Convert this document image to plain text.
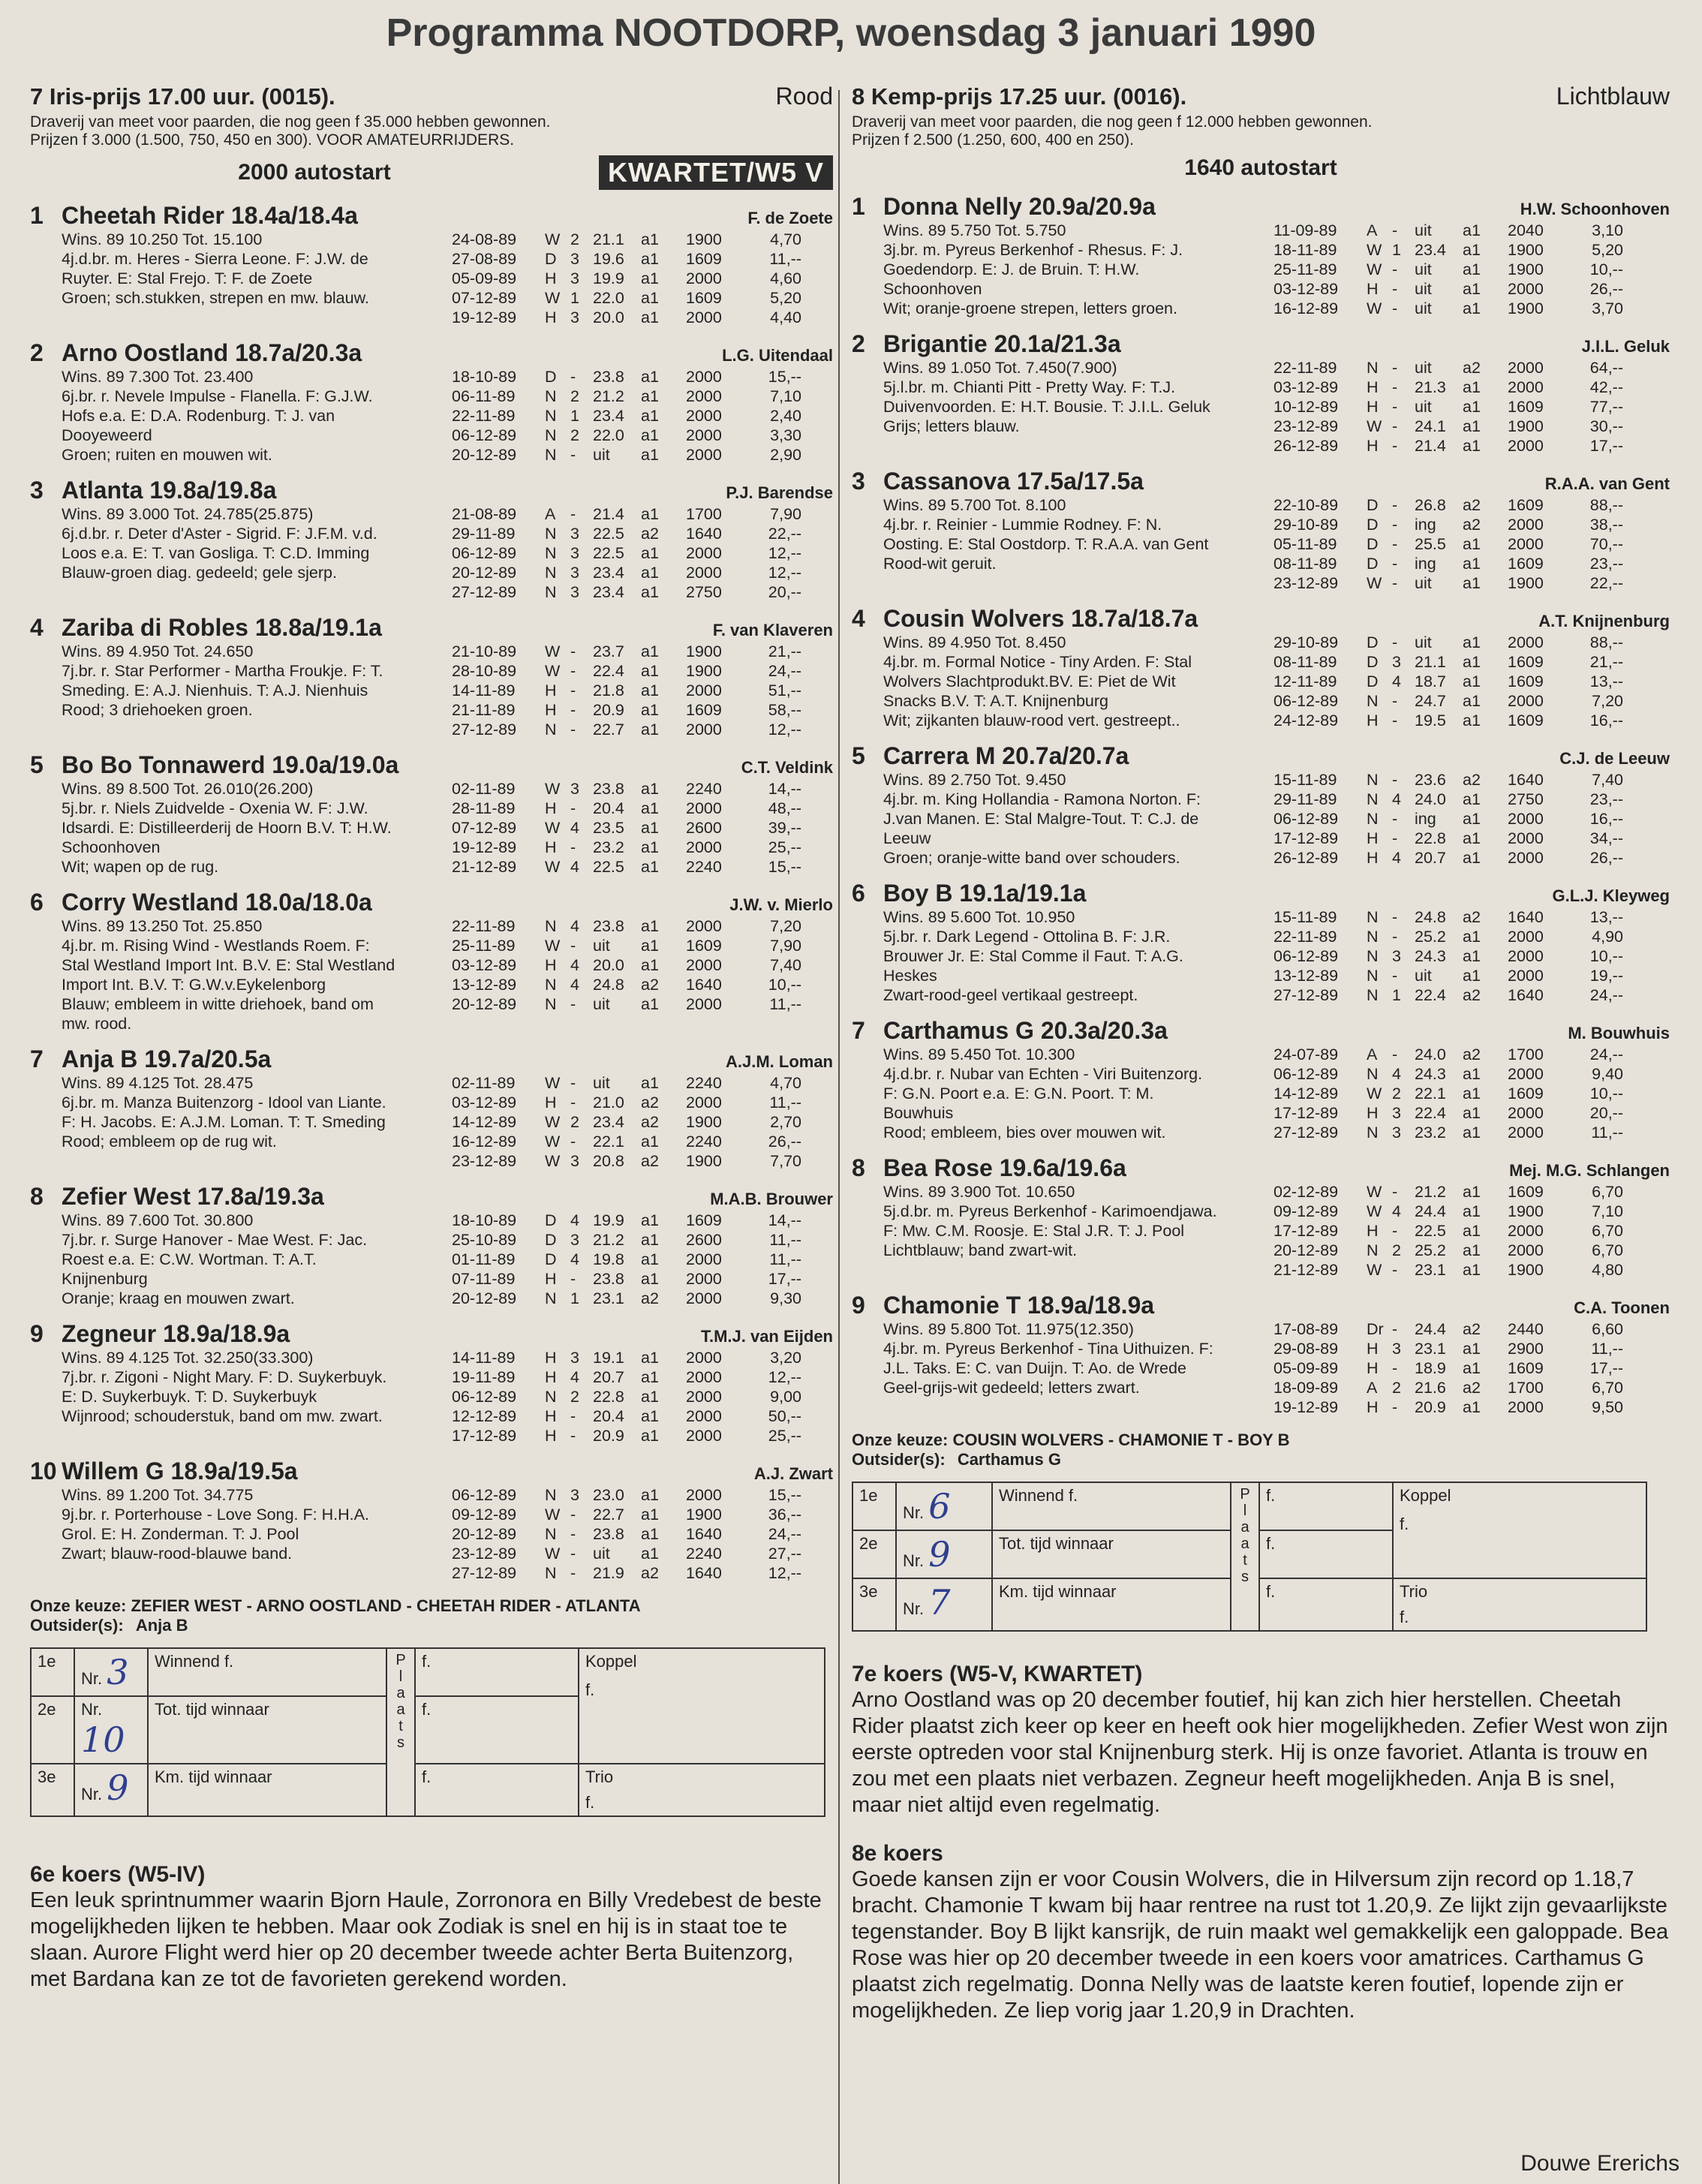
Programma NOOTDORP, woensdag 3 januari 1990
7 Iris-prijs 17.00 uur. (0015).	Rood
Draverij van meet voor paarden, die nog geen f 35.000 hebben gewonnen.
Prijzen f 3.000 (1.500, 750, 450 en 300). VOOR AMATEURRIJDERS.
2000 autostart	KWARTET/W5 V
1 Cheetah Rider 18.4a/18.4a	F. de Zoete
Wins. 89 10.250 Tot. 15.100
4j.d.br. m. Heres - Sierra Leone. F: J.W. de
Ruyter. E: Stal Frejo. T: F. de Zoete
Groen; sch.stukken, strepen en mw. blauw.
24-08-89	W 2 21.1	a1	1900	4,70
27-08-89	D 3 19.6	a1	1609	11,--
05-09-89	H 3 19.9	a1	2000	4,60
07-12-89	W 1 22.0	a1	1609	5,20
19-12-89	H 3 20.0	a1	2000	4,40
2 Arno Oostland 18.7a/20.3a	L.G. Uitendaal
Wins. 89 7.300 Tot. 23.400
6j.br. r. Nevele Impulse - Flanella. F: G.J.W.
Hofs e.a. E: D.A. Rodenburg. T: J. van
Dooyeweerd
Groen; ruiten en mouwen wit.
18-10-89	D -	23.8	a1	2000	15,--
06-11-89	N 2 21.2	a1	2000	7,10
22-11-89	N 1 23.4	a1	2000	2,40
06-12-89	N 2 22.0	a1	2000	3,30
20-12-89	N -	uit	a1	2000	2,90
3 Atlanta 19.8a/19.8a	P.J. Barendse
Wins. 89 3.000 Tot. 24.785(25.875)
6j.d.br. r. Deter d'Aster - Sigrid. F: J.F.M. v.d.
Loos e.a. E: T. van Gosliga. T: C.D. Imming
Blauw-groen diag. gedeeld; gele sjerp.
21-08-89	A -	21.4	a1	1700	7,90
29-11-89	N 3 22.5	a2	1640	22,--
06-12-89	N 3 22.5	a1	2000	12,--
20-12-89	N 3 23.4	a1	2000	12,--
27-12-89	N 3 23.4	a1	2750	20,--
4 Zariba di Robles 18.8a/19.1a	F. van Klaveren
Wins. 89 4.950 Tot. 24.650
7j.br. r. Star Performer - Martha Froukje. F: T.
Smeding. E: A.J. Nienhuis. T: A.J. Nienhuis
Rood; 3 driehoeken groen.
21-10-89	W -	23.7	a1	1900	21,--
28-10-89	W -	22.4	a1	1900	24,--
14-11-89	H -	21.8	a1	2000	51,--
21-11-89	H -	20.9	a1	1609	58,--
27-12-89	N -	22.7	a1	2000	12,--
5 Bo Bo Tonnawerd 19.0a/19.0a	C.T. Veldink
Wins. 89 8.500 Tot. 26.010(26.200)
5j.br. r. Niels Zuidvelde - Oxenia W. F: J.W.
Idsardi. E: Distilleerderij de Hoorn B.V. T: H.W.
Schoonhoven
Wit; wapen op de rug.
02-11-89	W 3 23.8	a1	2240	14,--
28-11-89	H -	20.4	a1	2000	48,--
07-12-89	W 4 23.5	a1	2600	39,--
19-12-89	H -	23.2	a1	2000	25,--
21-12-89	W 4 22.5	a1	2240	15,--
6 Corry Westland 18.0a/18.0a	J.W. v. Mierlo
Wins. 89 13.250 Tot. 25.850
4j.br. m. Rising Wind - Westlands Roem. F:
Stal Westland Import Int. B.V. E: Stal Westland
Import Int. B.V. T: G.W.v.Eykelenborg
Blauw; embleem in witte driehoek, band om
mw. rood.
22-11-89	N 4 23.8	a1	2000	7,20
25-11-89	W -	uit	a1	1609	7,90
03-12-89	H 4 20.0	a1	2000	7,40
13-12-89	N 4 24.8	a2	1640	10,--
20-12-89	N -	uit	a1	2000	11,--
7 Anja B 19.7a/20.5a	A.J.M. Loman
Wins. 89 4.125 Tot. 28.475
6j.br. m. Manza Buitenzorg - Idool van Liante.
F: H. Jacobs. E: A.J.M. Loman. T: T. Smeding
Rood; embleem op de rug wit.
02-11-89	W -	uit	a1	2240	4,70
03-12-89	H -	21.0	a2	2000	11,--
14-12-89	W 2 23.4	a2	1900	2,70
16-12-89	W -	22.1	a1	2240	26,--
23-12-89	W 3 20.8	a2	1900	7,70
8 Zefier West 17.8a/19.3a	M.A.B. Brouwer
Wins. 89 7.600 Tot. 30.800
7j.br. r. Surge Hanover - Mae West. F: Jac.
Roest e.a. E: C.W. Wortman. T: A.T.
Knijnenburg
Oranje; kraag en mouwen zwart.
18-10-89	D 4 19.9	a1	1609	14,--
25-10-89	D 3 21.2	a1	2600	11,--
01-11-89	D 4 19.8	a1	2000	11,--
07-11-89	H -	23.8	a1	2000	17,--
20-12-89	N 1 23.1	a2	2000	9,30
9 Zegneur 18.9a/18.9a	T.M.J. van Eijden
Wins. 89 4.125 Tot. 32.250(33.300)
7j.br. r. Zigoni - Night Mary. F: D. Suykerbuyk.
E: D. Suykerbuyk. T: D. Suykerbuyk
Wijnrood; schouderstuk, band om mw. zwart.
14-11-89	H 3 19.1	a1	2000	3,20
19-11-89	H 4 20.7	a1	2000	12,--
06-12-89	N 2 22.8	a1	2000	9,00
12-12-89	H -	20.4	a1	2000	50,--
17-12-89	H -	20.9	a1	2000	25,--
10 Willem G 18.9a/19.5a	A.J. Zwart
Wins. 89 1.200 Tot. 34.775
9j.br. r. Porterhouse - Love Song. F: H.H.A.
Grol. E: H. Zonderman. T: J. Pool
Zwart; blauw-rood-blauwe band.
06-12-89	N 3 23.0	a1	2000	15,--
09-12-89	W -	22.7	a1	1900	36,--
20-12-89	N -	23.8	a1	1640	24,--
23-12-89	W -	uit	a1	2240	27,--
27-12-89	N -	21.9	a2	1640	12,--
Onze keuze: ZEFIER WEST - ARNO OOSTLAND - CHEETAH RIDER - ATLANTA
Outsider(s): Anja B
1e	Nr. 3	Winnend f.	P l a a t s	f.	Koppel
f.

2e	Nr. 10	Tot. tijd winnaar		f.	
3e	Nr. 9	Km. tijd winnaar		f.	Trio
f.
6e koers (W5-IV)
Een leuk sprintnummer waarin Bjorn Haule, Zorronora en Billy Vredebest de beste mogelijkheden lijken te hebben. Maar ook Zodiak is snel en hij is in staat toe te slaan. Aurore Flight werd hier op 20 december tweede achter Berta Buitenzorg, met Bardana kan ze tot de favorieten gerekend worden.
8 Kemp-prijs 17.25 uur. (0016).	Lichtblauw
Draverij van meet voor paarden, die nog geen f 12.000 hebben gewonnen.
Prijzen f 2.500 (1.250, 600, 400 en 250).
1640 autostart
1 Donna Nelly 20.9a/20.9a	H.W. Schoonhoven
Wins. 89 5.750 Tot. 5.750
3j.br. m. Pyreus Berkenhof - Rhesus. F: J.
Goedendorp. E: J. de Bruin. T: H.W.
Schoonhoven
Wit; oranje-groene strepen, letters groen.
11-09-89	A -	uit	a1	2040	3,10
18-11-89	W 1 23.4	a1	1900	5,20
25-11-89	W -	uit	a1	1900	10,--
03-12-89	H -	uit	a1	2000	26,--
16-12-89	W -	uit	a1	1900	3,70
2 Brigantie 20.1a/21.3a	J.I.L. Geluk
Wins. 89 1.050 Tot. 7.450(7.900)
5j.l.br. m. Chianti Pitt - Pretty Way. F: T.J.
Duivenvoorden. E: H.T. Bousie. T: J.I.L. Geluk
Grijs; letters blauw.
22-11-89	N -	uit	a2	2000	64,--
03-12-89	H -	21.3	a1	2000	42,--
10-12-89	H -	uit	a1	1609	77,--
23-12-89	W -	24.1	a1	1900	30,--
26-12-89	H -	21.4	a1	2000	17,--
3 Cassanova 17.5a/17.5a	R.A.A. van Gent
Wins. 89 5.700 Tot. 8.100
4j.br. r. Reinier - Lummie Rodney. F: N.
Oosting. E: Stal Oostdorp. T: R.A.A. van Gent
Rood-wit geruit.
22-10-89	D -	26.8	a2	1609	88,--
29-10-89	D -	ing	a2	2000	38,--
05-11-89	D -	25.5	a1	2000	70,--
08-11-89	D -	ing	a1	1609	23,--
23-12-89	W -	uit	a1	1900	22,--
4 Cousin Wolvers 18.7a/18.7a	A.T. Knijnenburg
Wins. 89 4.950 Tot. 8.450
4j.br. m. Formal Notice - Tiny Arden. F: Stal
Wolvers Slachtprodukt.BV. E: Piet de Wit
Snacks B.V. T: A.T. Knijnenburg
Wit; zijkanten blauw-rood vert. gestreept..
29-10-89	D -	uit	a1	2000	88,--
08-11-89	D 3 21.1	a1	1609	21,--
12-11-89	D 4 18.7	a1	1609	13,--
06-12-89	N -	24.7	a1	2000	7,20
24-12-89	H -	19.5	a1	1609	16,--
5 Carrera M 20.7a/20.7a	C.J. de Leeuw
Wins. 89 2.750 Tot. 9.450
4j.br. m. King Hollandia - Ramona Norton. F:
J.van Manen. E: Stal Malgre-Tout. T: C.J. de
Leeuw
Groen; oranje-witte band over schouders.
15-11-89	N -	23.6	a2	1640	7,40
29-11-89	N 4 24.0	a1	2750	23,--
06-12-89	N -	ing	a1	2000	16,--
17-12-89	H -	22.8	a1	2000	34,--
26-12-89	H 4 20.7	a1	2000	26,--
6 Boy B 19.1a/19.1a	G.L.J. Kleyweg
Wins. 89 5.600 Tot. 10.950
5j.br. r. Dark Legend - Ottolina B. F: J.R.
Brouwer Jr. E: Stal Comme il Faut. T: A.G.
Heskes
Zwart-rood-geel vertikaal gestreept.
15-11-89	N -	24.8	a2	1640	13,--
22-11-89	N -	25.2	a1	2000	4,90
06-12-89	N 3 24.3	a1	2000	10,--
13-12-89	N -	uit	a1	2000	19,--
27-12-89	N 1 22.4	a2	1640	24,--
7 Carthamus G 20.3a/20.3a	M. Bouwhuis
Wins. 89 5.450 Tot. 10.300
4j.d.br. r. Nubar van Echten - Viri Buitenzorg.
F: G.N. Poort e.a. E: G.N. Poort. T: M.
Bouwhuis
Rood; embleem, bies over mouwen wit.
24-07-89	A -	24.0	a2	1700	24,--
06-12-89	N 4 24.3	a1	2000	9,40
14-12-89	W 2 22.1	a1	1609	10,--
17-12-89	H 3 22.4	a1	2000	20,--
27-12-89	N 3 23.2	a1	2000	11,--
8 Bea Rose 19.6a/19.6a	Mej. M.G. Schlangen
Wins. 89 3.900 Tot. 10.650
5j.d.br. m. Pyreus Berkenhof - Karimoendjawa.
F: Mw. C.M. Roosje. E: Stal J.R. T: J. Pool
Lichtblauw; band zwart-wit.
02-12-89	W -	21.2	a1	1609	6,70
09-12-89	W 4 24.4	a1	1900	7,10
17-12-89	H -	22.5	a1	2000	6,70
20-12-89	N 2 25.2	a1	2000	6,70
21-12-89	W -	23.1	a1	1900	4,80
9 Chamonie T 18.9a/18.9a	C.A. Toonen
Wins. 89 5.800 Tot. 11.975(12.350)
4j.br. m. Pyreus Berkenhof - Tina Uithuizen. F:
J.L. Taks. E: C. van Duijn. T: Ao. de Wrede
Geel-grijs-wit gedeeld; letters zwart.
17-08-89	Dr -	24.4	a2	2440	6,60
29-08-89	H 3 23.1	a1	2900	11,--
05-09-89	H -	18.9	a1	1609	17,--
18-09-89	A 2 21.6	a2	1700	6,70
19-12-89	H -	20.9	a1	2000	9,50
Onze keuze: COUSIN WOLVERS - CHAMONIE T - BOY B
Outsider(s): Carthamus G
1e	Nr. 6	Winnend f.	P l a a t s	f.	Koppel
f.

2e	Nr. 9	Tot. tijd winnaar		f.	
3e	Nr. 7	Km. tijd winnaar		f.	Trio
f.
7e koers (W5-V, KWARTET)
Arno Oostland was op 20 december foutief, hij kan zich hier herstellen. Cheetah Rider plaatst zich keer op keer en heeft ook hier mogelijkheden. Zefier West won zijn eerste optreden voor stal Knijnenburg sterk. Hij is onze favoriet. Atlanta is trouw en zou met een plaats niet verbazen. Zegneur heeft mogelijkheden. Anja B is snel, maar niet altijd even regelmatig.
8e koers
Goede kansen zijn er voor Cousin Wolvers, die in Hilversum zijn record op 1.18,7 bracht. Chamonie T kwam bij haar rentree na rust tot 1.20,9. Ze lijkt zijn gevaarlijkste tegenstander. Boy B lijkt kansrijk, de ruin maakt wel gemakkelijk een galoppade. Bea Rose was hier op 20 december tweede in een koers voor amatrices. Carthamus G plaatst zich regelmatig. Donna Nelly was de laatste keren foutief, lopende zijn er mogelijkheden. Ze liep vorig jaar 1.20,9 in Drachten.
Douwe Ererichs
